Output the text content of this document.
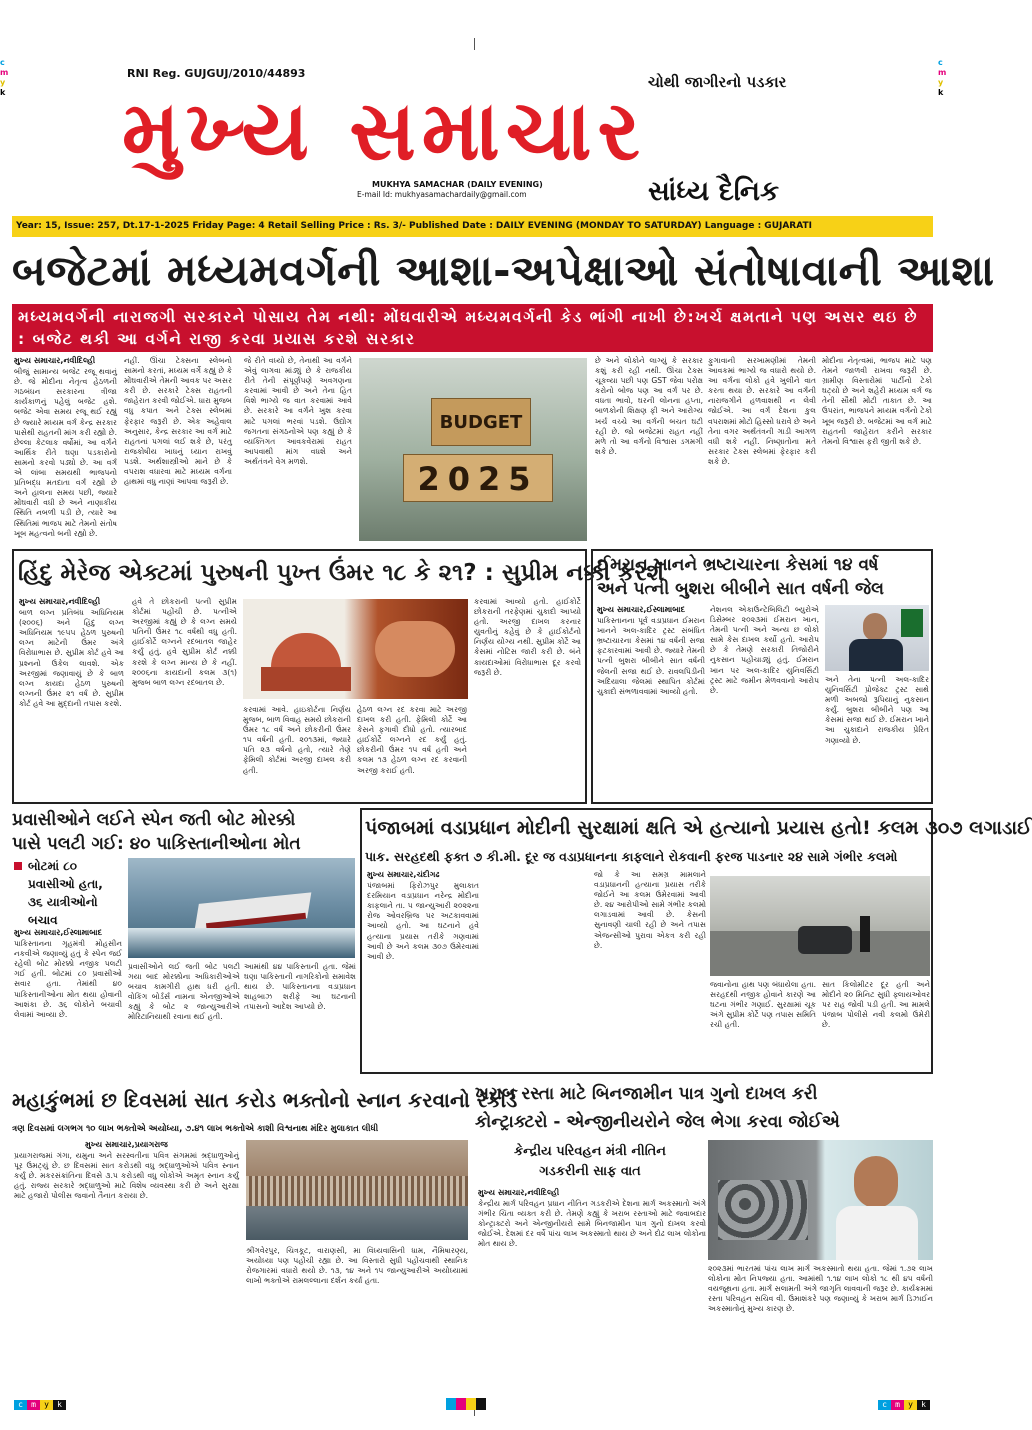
c
m
y
k
c
m
y
k
RNI Reg. GUJGUJ/2010/44893	ચોથી જાગીરનો પડકાર
મુખ્ય સમાચાર
MUKHYA SAMACHAR (DAILY EVENING)
E-mail Id: mukhyasamachardaily@gmail.com	સાંધ્ય દૈનિક
Year: 15, Issue: 257, Dt.17-1-2025 Friday Page: 4 Retail Selling Price : Rs. 3/- Published Date : DAILY EVENING (MONDAY TO SATURDAY) Language : GUJARATI
બજેટમાં મધ્યમવર્ગની આશા-અપેક્ષાઓ સંતોષાવાની આશા
મધ્યમવર્ગની નારાજગી સરકારને પોસાય તેમ નથી: મોંઘવારીએ મધ્યમવર્ગની કેડ ભાંગી નાખી છે:ખર્ચ ક્ષમતાને પણ અસર થઇ છે : બજેટ થકી આ વર્ગને રાજી કરવા પ્રયાસ કરશે સરકાર
મુખ્ય સમાચાર,નવીદિલ્હી
બીજું સામાન્ય બજેટ રજૂ થવાનું છે. જે મોદીના નેતૃત્વ હેઠળની ગઠબંધન સરકારના ત્રીજા કાર્યકાળનું પહેલું બજેટ હશે. બજેટ એવા સમય રજૂ થઈ રહ્યું છે જ્યારે મધ્યમ વર્ગ કેન્દ્ર સરકાર પાસેથી રાહતની માંગ કરી રહ્યો છે. છેલ્લા કેટલાક વર્ષોમાં, આ વર્ગને આર્થિક રીતે ઘણા પડકારોનો સામનો કરવો પડ્યો છે. આ વર્ગ એ લાંબા સમયથી ભાજપનો પ્રતિબદ્ધ મતદાતા વર્ગ રહ્યો છે અને હાલના સમય પછી, જ્યારે મોંઘવારી વધી છે અને નાણાકીય સ્થિતિ નબળી પડી છે, ત્યારે આ સ્થિતિમાં ભાજપ માટે તેમનો સંતોષ ખૂબ મહત્વનો બની રહ્યો છે.
નહીં. ઊંચા ટેક્સના સ્લેબનો સામનો કરતાં, મધ્યમ વર્ગે કહ્યું છે કે મોંઘવારીએ તેમની આવક પર અસર કરી છે. સરકારે ટેક્સ રાહતની જાહેરાત કરવી જોઈએ. ધારા મુજબ વધુ કપાત અને ટેક્સ સ્લેબમાં ફેરફાર જરૂરી છે. એક અહેવાલ અનુસાર, કેન્દ્ર સરકાર આ વર્ગ માટે રાહતનાં પગલાં લઈ શકે છે, પરંતુ રાજકોષીય ખાધનું ધ્યાન રાખવું પડશે. અર્થશાસ્ત્રીઓ માને છે કે વપરાશ વધારવા માટે મધ્યમ વર્ગના હાથમાં વધુ નાણાં આપવા જરૂરી છે.
જે રીતે વધ્યો છે, તેનાથી આ વર્ગને એવું લાગવા માંડ્યું છે કે રાજકીય રીતે તેની સંપૂર્ણપણે અવગણના કરવામાં આવી છે અને તેના હિત વિશે ભાગ્યે જ વાત કરવામાં આવે છે. સરકારે આ વર્ગને ખુશ કરવા માટે પગલાં ભરવાં પડશે. ઉદ્યોગ જગતના સંગઠનોએ પણ કહ્યું છે કે વ્યક્તિગત આવકવેરામાં રાહત આપવાથી માંગ વધશે અને અર્થતંત્રને વેગ મળશે.
BUDGET
2025
છે અને લોકોને લાગ્યું કે સરકાર કશું કરી રહી નથી. ઊંચા ટેક્સ ચૂકવ્યા પછી પણ GST જેવા પરોક્ષ કરોનો બોજ પણ આ વર્ગ પર છે. વધતા ભાવો, ઘરની લોનના હપ્તા, બાળકોની શિક્ષણ ફી અને આરોગ્ય ખર્ચ વચ્ચે આ વર્ગની બચત ઘટી રહી છે. જો બજેટમાં રાહત નહીં મળે તો આ વર્ગનો વિશ્વાસ ડગમગી શકે છે.
ફુગાવાની સરખામણીમાં તેમની આવકમાં ભાગ્યે જ વધારો થયો છે. આ વર્ગના લોકો હવે ખુલીને વાત કરતા થયા છે. સરકારે આ વર્ગની નારાજગીને હળવાશથી ન લેવી જોઈએ. આ વર્ગ દેશના કુલ વપરાશમાં મોટો હિસ્સો ધરાવે છે અને તેના વગર અર્થતંત્રની ગાડી આગળ વધી શકે નહીં. નિષ્ણાતોના મતે સરકાર ટેક્સ સ્લેબમાં ફેરફાર કરી શકે છે.
મોદીના નેતૃત્વમાં, ભાજપ માટે પણ તેમને જાળવી રાખવા જરૂરી છે. ગ્રામીણ વિસ્તારોમાં પાર્ટીનો ટેકો ઘટ્યો છે અને શહેરી મધ્યમ વર્ગ જ તેની સૌથી મોટી તાકાત છે. આ ઉપરાંત, ભાજપને મધ્યમ વર્ગનો ટેકો ખૂબ જરૂરી છે. બજેટમાં આ વર્ગ માટે રાહતની જાહેરાત કરીને સરકાર તેમનો વિશ્વાસ ફરી જીતી શકે છે.
હિંદુ મેરેજ એક્ટમાં પુરુષની પુખ્ત ઉંમર ૧૮ કે ૨૧? : સુપ્રીમ નક્કી કરશે
મુખ્ય સમાચાર,નવીદિલ્હી
બાળ લગ્ન પ્રતિબંધ અધિનિયમ (૨૦૦૬) અને હિંદુ લગ્ન અધિનિયમ ૧૯૫૫ હેઠળ પુરુષની લગ્ન માટેની ઉંમર અંગે વિરોધાભાસ છે. સુપ્રીમ કોર્ટ હવે આ પ્રશ્નનો ઉકેલ લાવશે. એક અરજીમાં જણાવાયું છે કે બાળ લગ્ન કાયદા હેઠળ પુરુષની લગ્નની ઉંમર ૨૧ વર્ષ છે. સુપ્રીમ કોર્ટ હવે આ મુદ્દાની તપાસ કરશે.
હવે તે છોકરાની પત્ની સુપ્રીમ કોર્ટમાં પહોંચી છે. પત્નીએ અરજીમાં કહ્યું છે કે લગ્ન સમયે પતિની ઉંમર ૧૮ વર્ષથી વધુ હતી. હાઈકોર્ટે લગ્નને રદબાતલ જાહેર કર્યું હતું. હવે સુપ્રીમ કોર્ટ નક્કી કરશે કે લગ્ન માન્ય છે કે નહીં. ૨૦૦૬ના કાયદાની કલમ ૩(૧) મુજબ બાળ લગ્ન રદબાતલ છે.
કરવામાં આવે. હાઇકોર્ટના નિર્ણય મુજબ, બાળ વિવાહ સમયે છોકરાની ઉંમર ૧૮ વર્ષ અને છોકરીની ઉંમર ૧૫ વર્ષની હતી. ૨૦૧૩માં, જ્યારે પતિ ૨૩ વર્ષનો હતો, ત્યારે તેણે ફેમિલી કોર્ટમાં અરજી દાખલ કરી હતી.
હેઠળ લગ્ન રદ કરવા માટે અરજી દાખલ કરી હતી. ફેમિલી કોર્ટે આ કેસને ફગાવી દીધો હતો. ત્યારબાદ હાઈકોર્ટે લગ્નને રદ કર્યું હતું. છોકરીની ઉંમર ૧૫ વર્ષ હતી અને કલમ ૧૩ હેઠળ લગ્ન રદ કરવાની અરજી કરાઈ હતી.
કરવામાં આવ્યો હતો. હાઈકોર્ટે છોકરાની તરફેણમાં ચુકાદો આપ્યો હતો. અરજી દાખલ કરનાર યુવતીનું કહેવું છે કે હાઈકોર્ટનો નિર્ણય યોગ્ય નથી. સુપ્રીમ કોર્ટે આ કેસમાં નોટિસ જારી કરી છે. બંને કાયદાઓમાં વિરોધાભાસ દૂર કરવો જરૂરી છે.
ઈમરાન ખાનને ભ્રષ્ટાચારના કેસમાં ૧૪ વર્ષ
અને પત્ની બુશરા બીબીને સાત વર્ષની જેલ
મુખ્ય સમાચાર,ઈસ્લામાબાદ
પાકિસ્તાનના પૂર્વ વડાપ્રધાન ઈમરાન ખાનને અલ-કાદિર ટ્રસ્ટ સંબંધિત ભ્રષ્ટાચારના કેસમાં ૧૪ વર્ષની સજા ફટકારવામાં આવી છે. જ્યારે તેમની પત્ની બુશરા બીબીને સાત વર્ષની જેલની સજા થઈ છે. રાવલપિંડીની અદિયાલા જેલમાં સ્થાપિત કોર્ટમાં ચુકાદો સંભળાવવામાં આવ્યો હતો.
નેશનલ એકાઉન્ટેબિલિટી બ્યુરોએ ડિસેમ્બર ૨૦૨૩માં ઈમરાન ખાન, તેમની પત્ની અને અન્ય છ લોકો સામે કેસ દાખલ કર્યો હતો. આરોપ છે કે તેમણે સરકારી તિજોરીને નુકસાન પહોંચાડ્યું હતું. ઈમરાન ખાન પર અલ-કાદિર યુનિવર્સિટી ટ્રસ્ટ માટે જમીન મેળવવાનો આરોપ છે.
અને તેના પત્ની અલ-કાદિર યુનિવર્સિટી પ્રોજેક્ટ ટ્રસ્ટ સાથે મળી અબજો રૂપિયાનું નુકસાન કર્યું. બુશરા બીબીને પણ આ કેસમાં સજા થઈ છે. ઈમરાન ખાને આ ચુકાદાને રાજકીય પ્રેરિત ગણાવ્યો છે.
પ્રવાસીઓને લઈને સ્પેન જતી બોટ મોરક્કો
પાસે પલટી ગઈ: ૪૦ પાકિસ્તાનીઓના મોત
બોટમાં ૮૦ પ્રવાસીઓ હતા, ૩૬ યાત્રીઓનો બચાવ
મુખ્ય સમાચાર,ઈસ્લામાબાદ
પાકિસ્તાનના ગૃહમંત્રી મોહસીન નકવીએ જણાવ્યું હતું કે સ્પેન જઈ રહેલી બોટ મોરક્કો નજીક પલટી ગઈ હતી. બોટમાં ૮૦ પ્રવાસીઓ સવાર હતા. તેમાંથી ૪૦ પાકિસ્તાનીઓના મોત થયા હોવાની આશંકા છે. ૩૬ લોકોને બચાવી લેવામાં આવ્યા છે.
પ્રવાસીઓને લઈ જતી બોટ પલટી ગયા બાદ મોરક્કોના અધિકારીઓએ બચાવ કામગીરી હાથ ધરી હતી. વોકિંગ બોર્ડર્સ નામના એનજીઓએ કહ્યું કે બોટ ૨ જાન્યુઆરીએ મોરિટાનિયાથી રવાના થઈ હતી.
આમાંથી ૪૪ પાકિસ્તાની હતા. જેમાં ઘણા પાકિસ્તાની નાગરિકોનો સમાવેશ થાય છે. પાકિસ્તાનના વડાપ્રધાન શાહબાઝ શરીફે આ ઘટનાની તપાસનો આદેશ આપ્યો છે.
પંજાબમાં વડાપ્રધાન મોદીની સુરક્ષામાં ક્ષતિ એ હત્યાનો પ્રયાસ હતો! કલમ ૩૦૭ લગાડાઈ
પાક. સરહદથી ફક્ત ૭ કી.મી. દૂર જ વડાપ્રધાનના કાફલાને રોકવાની ફરજ પાડનાર ૨૪ સામે ગંભીર કલમો
મુખ્ય સમાચાર,ચંદીગઢ
પંજાબમાં ફિરોઝપુર મુલાકાત દરમિયાન વડાપ્રધાન નરેન્દ્ર મોદીના કાફલાને તા. ૫ જાન્યુઆરી ૨૦૨૨ના રોજ ઓવરબ્રિજ પર અટકાવવામાં આવ્યો હતો. આ ઘટનાને હવે હત્યાના પ્રયાસ તરીકે ગણવામાં આવી છે અને કલમ ૩૦૭ ઉમેરવામાં આવી છે.
જો કે આ સમગ્ર મામલાને વડાપ્રધાનની હત્યાના પ્રયાસ તરીકે જોઈને આ કલમ ઉમેરવામાં આવી છે. ૨૪ આરોપીઓ સામે ગંભીર કલમો લગાડવામાં આવી છે. કેસની સુનાવણી ચાલી રહી છે અને તપાસ એજન્સીઓ પુરાવા એકત્ર કરી રહી છે.
જવાનોના હાથ પણ બંધાયેલા હતા. સરહદથી નજીક હોવાને કારણે આ ઘટના ગંભીર ગણાઈ. સુરક્ષામાં ચૂક અંગે સુપ્રીમ કોર્ટે પણ તપાસ સમિતિ રચી હતી.
સાત કિલોમીટર દૂર હતી અને મોદીને ૨૦ મિનિટ સુધી ફ્લાયઓવર પર રાહ જોવી પડી હતી. આ મામલે પંજાબ પોલીસે નવી કલમો ઉમેરી છે.
મહાકુંભમાં છ દિવસમાં સાત કરોડ ભક્તોનો સ્નાન કરવાનો રેકોર્ડ
ત્રણ દિવસમાં લગભગ ૧૦ લાખ ભક્તોએ અયોધ્યા, ૭.૪૧ લાખ ભક્તોએ કાશી વિશ્વનાથ મંદિર મુલાકાત લીધી
મુખ્ય સમાચાર,પ્રયાગરાજ
પ્રયાગરાજમાં ગંગા, યમુના અને સરસ્વતીના પવિત્ર સંગમમાં શ્રદ્ધાળુઓનું પૂર ઉમટ્યું છે. છ દિવસમાં સાત કરોડથી વધુ શ્રદ્ધાળુઓએ પવિત્ર સ્નાન કર્યું છે. મકરસંક્રાંતિના દિવસે ૩.૫ કરોડથી વધુ લોકોએ અમૃત સ્નાન કર્યું હતું. રાજ્ય સરકારે શ્રદ્ધાળુઓ માટે વિશેષ વ્યવસ્થા કરી છે અને સુરક્ષા માટે હજારો પોલીસ જવાનો તૈનાત કરાયા છે.
શ્રીંગવેરપુર, ચિત્રકૂટ, વારાણસી, મા વિંધ્યવાસિની ધામ, નૈમિષારણ્ય, અયોધ્યા પણ પહોંચી રહ્યા છે. આ વિસ્તારો સુધી પહોંચવાથી સ્થાનિક રોજગારમાં વધારો થયો છે. ૧૩, ૧૪ અને ૧૫ જાન્યુઆરીએ અયોધ્યામાં લાખો ભક્તોએ રામલલ્લાના દર્શન કર્યા હતા.
ખરાબ રસ્તા માટે બિનજામીન પાત્ર ગુનો દાખલ કરી
કોન્ટ્રાક્ટરો - એન્જીનીયરોને જેલ ભેગા કરવા જોઈએ
કેન્દ્રીય પરિવહન મંત્રી નીતિન
ગડકરીની સાફ વાત
મુખ્ય સમાચાર,નવીદિલ્હી
કેન્દ્રીય માર્ગ પરિવહન પ્રધાન નીતિન ગડકરીએ દેશના માર્ગ અકસ્માતો અંગે ગંભીર ચિંતા વ્યક્ત કરી છે. તેમણે કહ્યું કે ખરાબ રસ્તાઓ માટે જવાબદાર કોન્ટ્રાક્ટરો અને એન્જીનીયરો સામે બિનજામીન પાત્ર ગુનો દાખલ કરવો જોઈએ. દેશમાં દર વર્ષે પાંચ લાખ અકસ્માતો થાય છે અને દોઢ લાખ લોકોના મોત થાય છે.
૨૦૨૩માં ભારતમાં પાંચ લાખ માર્ગ અકસ્માતો થયા હતા. જેમાં ૧.૭૨ લાખ લોકોના મોત નિપજ્યા હતા. આમાંથી ૧.૧૪ લાખ લોકો ૧૮ થી ૪૫ વર્ષની વયજૂથના હતા. માર્ગ સલામતી અંગે જાગૃતિ લાવવાની જરૂર છે. કાર્યક્રમમાં રસ્તા પરિવહન સચિવ વી. ઉમાશંકરે પણ જણાવ્યું કે ખરાબ માર્ગ ડિઝાઈન અકસ્માતોનું મુખ્ય કારણ છે.
c	m	y	k	c	m	y	k
